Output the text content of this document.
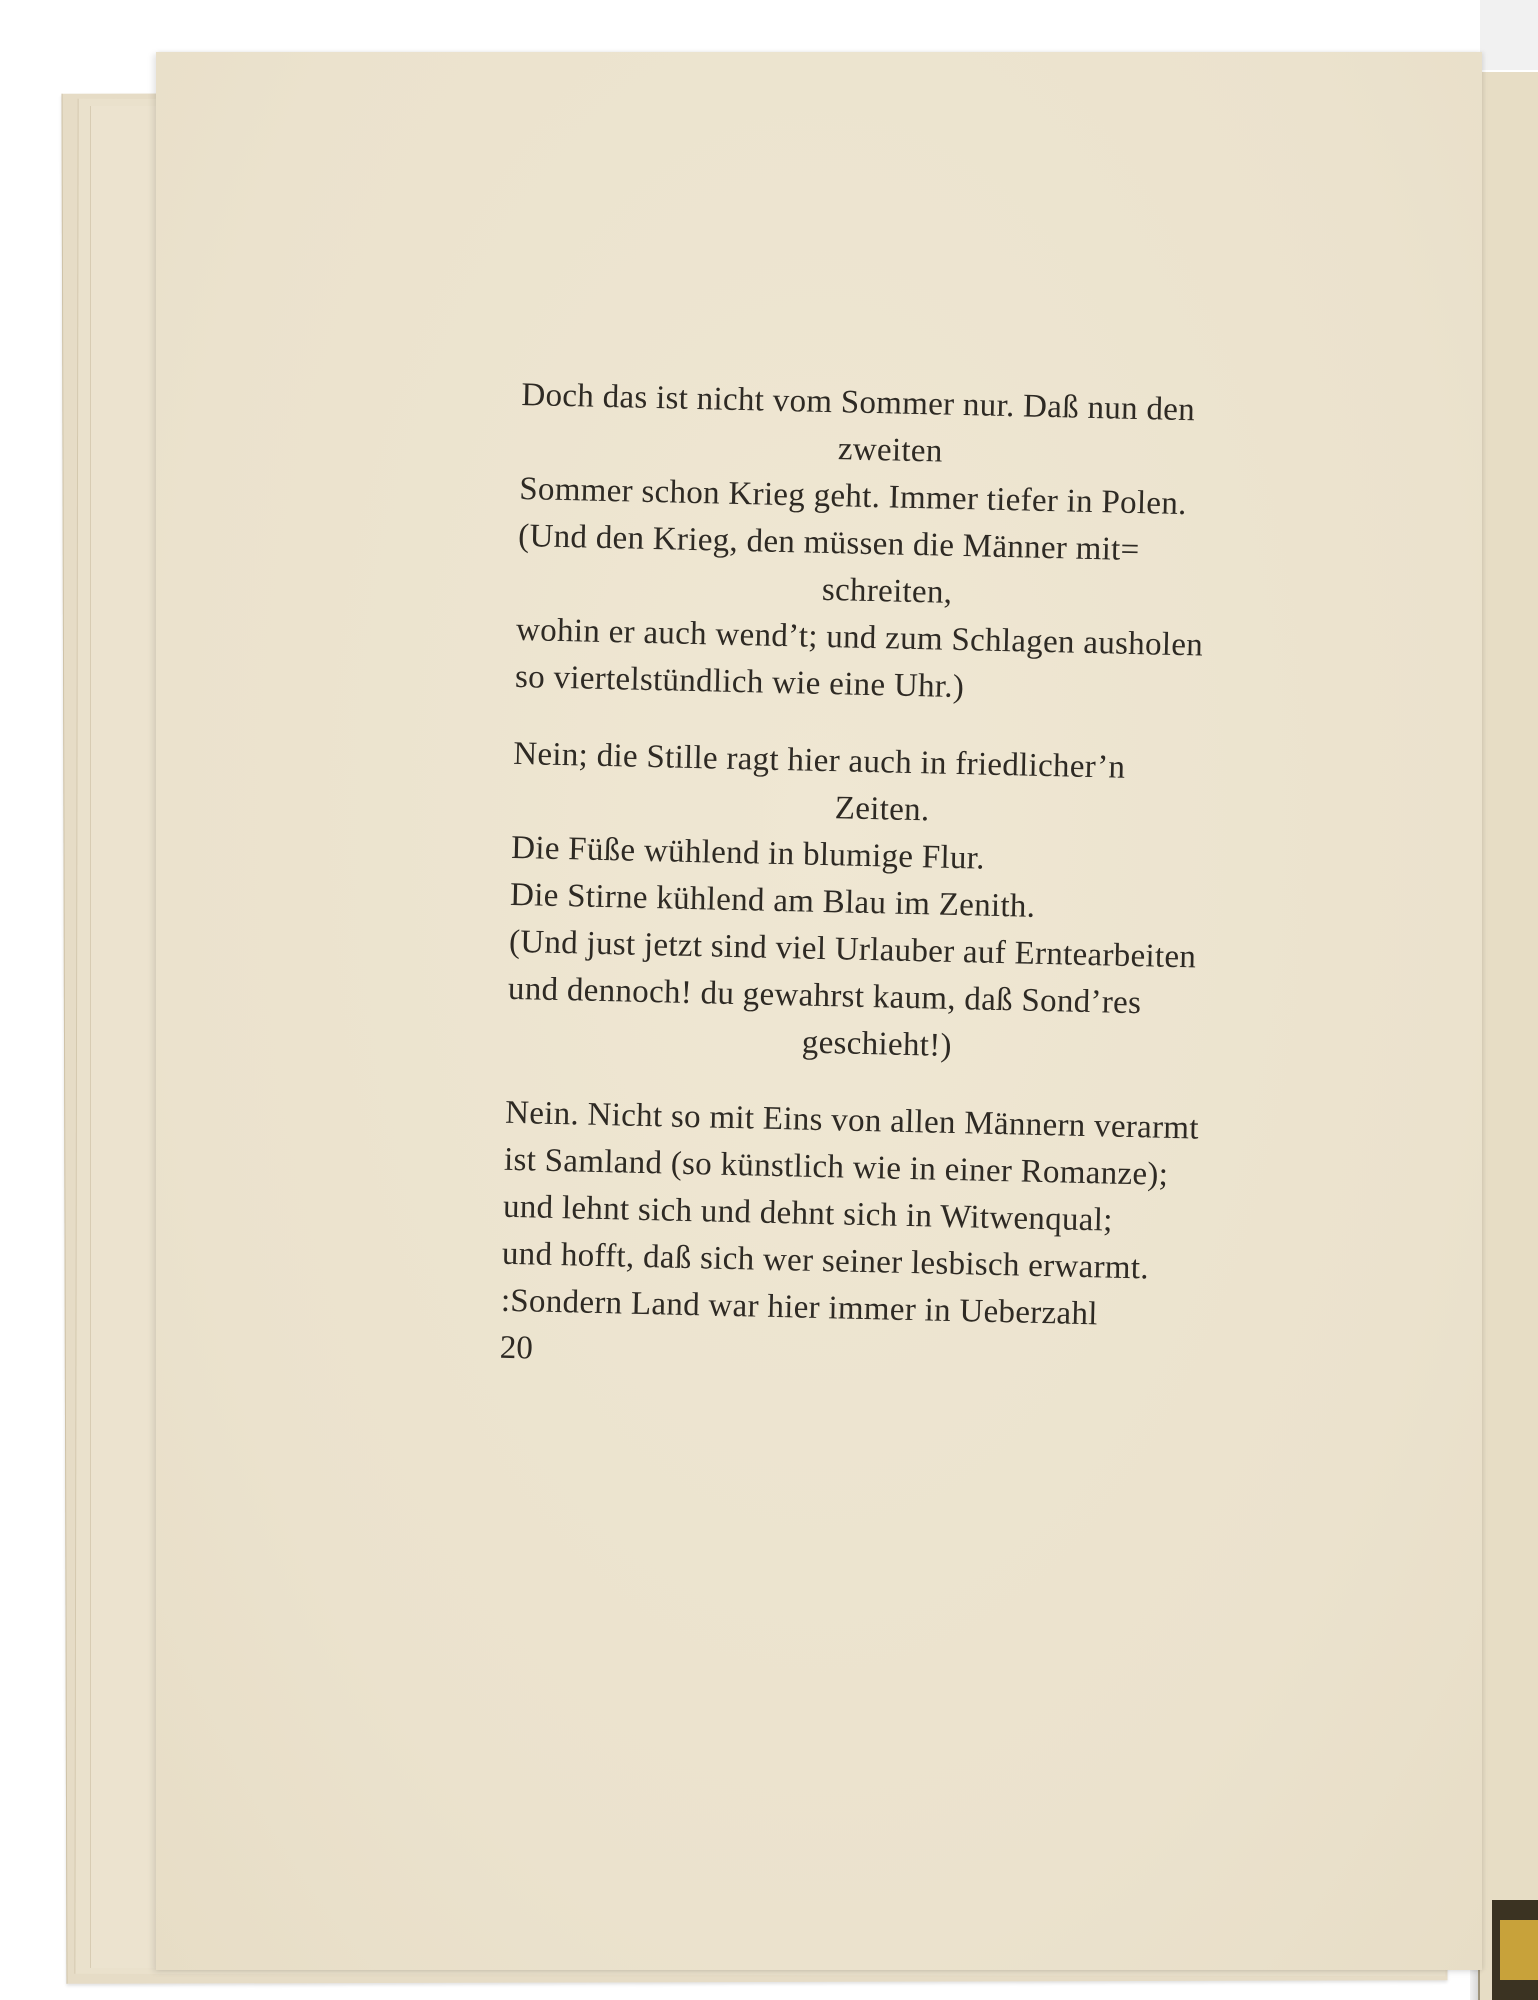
Doch das ist nicht vom Sommer nur. Daß nun den
zweiten
Sommer schon Krieg geht. Immer tiefer in Polen.
(Und den Krieg, den müssen die Männer mit=
schreiten,
wohin er auch wend’t; und zum Schlagen ausholen
so viertelstündlich wie eine Uhr.)
Nein; die Stille ragt hier auch in friedlicher’n
Zeiten.
Die Füße wühlend in blumige Flur.
Die Stirne kühlend am Blau im Zenith.
(Und just jetzt sind viel Urlauber auf Erntearbeiten
und dennoch! du gewahrst kaum, daß Sond’res
geschieht!)
Nein. Nicht so mit Eins von allen Männern verarmt
ist Samland (so künstlich wie in einer Romanze);
und lehnt sich und dehnt sich in Witwenqual;
und hofft, daß sich wer seiner lesbisch erwarmt.
:Sondern Land war hier immer in Ueberzahl
20
